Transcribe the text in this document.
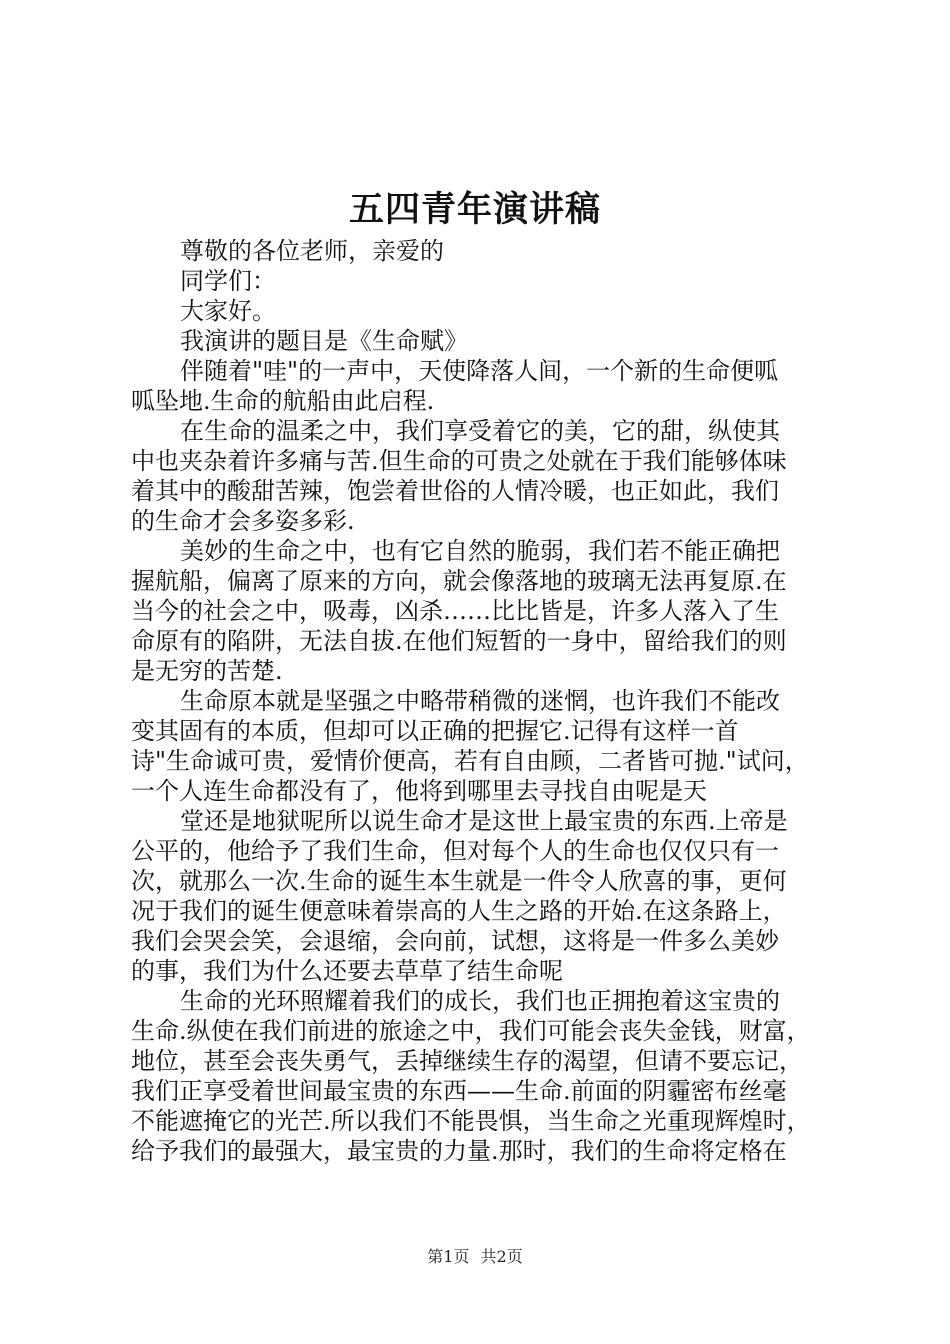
五四青年演讲稿
尊敬的各位老师，亲爱的
同学们：
大家好。
我演讲的题目是《生命赋》
伴随着"哇"的一声中，天使降落人间，一个新的生命便呱
呱坠地.生命的航船由此启程.
在生命的温柔之中，我们享受着它的美，它的甜，纵使其
中也夹杂着许多痛与苦.但生命的可贵之处就在于我们能够体味
着其中的酸甜苦辣，饱尝着世俗的人情冷暖，也正如此，我们
的生命才会多姿多彩.
美妙的生命之中，也有它自然的脆弱，我们若不能正确把
握航船，偏离了原来的方向，就会像落地的玻璃无法再复原.在
当今的社会之中，吸毒，凶杀……比比皆是，许多人落入了生
命原有的陷阱，无法自拔.在他们短暂的一身中，留给我们的则
是无穷的苦楚.
生命原本就是坚强之中略带稍微的迷惘，也许我们不能改
变其固有的本质，但却可以正确的把握它.记得有这样一首
诗"生命诚可贵，爱情价便高，若有自由顾，二者皆可抛."试问，
一个人连生命都没有了，他将到哪里去寻找自由呢是天
堂还是地狱呢所以说生命才是这世上最宝贵的东西.上帝是
公平的，他给予了我们生命，但对每个人的生命也仅仅只有一
次，就那么一次.生命的诞生本生就是一件令人欣喜的事，更何
况于我们的诞生便意味着崇高的人生之路的开始.在这条路上，
我们会哭会笑，会退缩，会向前，试想，这将是一件多么美妙
的事，我们为什么还要去草草了结生命呢
生命的光环照耀着我们的成长，我们也正拥抱着这宝贵的
生命.纵使在我们前进的旅途之中，我们可能会丧失金钱，财富，
地位，甚至会丧失勇气，丢掉继续生存的渴望，但请不要忘记，
我们正享受着世间最宝贵的东西——生命.前面的阴霾密布丝毫
不能遮掩它的光芒.所以我们不能畏惧，当生命之光重现辉煌时，
给予我们的最强大，最宝贵的力量.那时，我们的生命将定格在
第1页 共2页
